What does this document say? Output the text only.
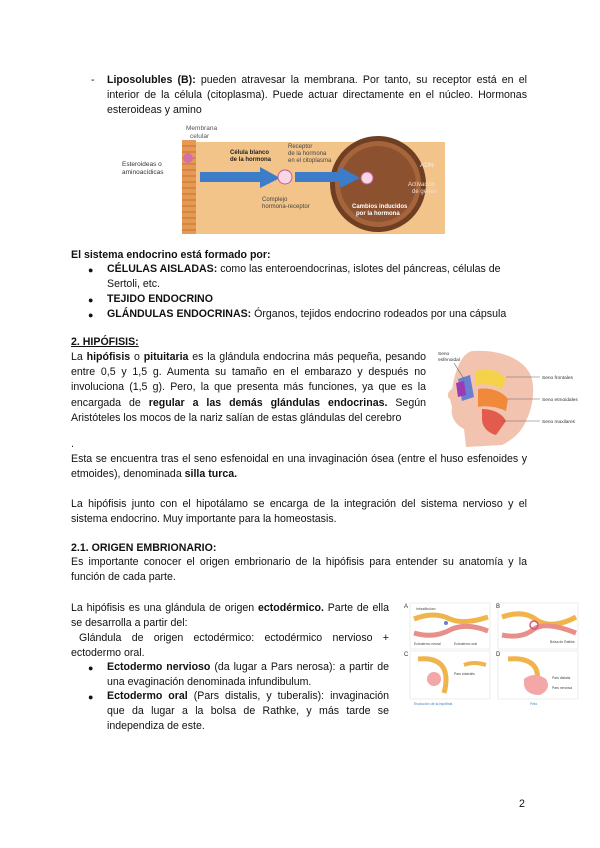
- Liposolubles (B): pueden atravesar la membrana. Por tanto, su receptor está en el interior de la célula (citoplasma). Puede actuar directamente en el núcleo. Hormonas esteroideas y amino
Membrana
celular
Esteroideas o
aminoacídicas
Célula blanco
de la hormona
Receptor
de la hormona
en el citoplasma
Complejo
hormona-receptor
ADN
Activación
de genes
Cambios inducidos
por la hormona
El sistema endocrino está formado por:
● CÉLULAS AISLADAS: como las enteroendocrinas, islotes del páncreas, células de
Sertoli, etc.
● TEJIDO ENDOCRINO
● GLÁNDULAS ENDOCRINAS: Órganos, tejidos endocrino rodeados por una cápsula
2. HIPÓFISIS:
La hipófisis o pituitaria es la glándula endocrina más pequeña, pesando entre 0,5 y 1,5 g. Aumenta su tamaño en el embarazo y después no involuciona (1,5 g). Pero, la que presenta más funciones, ya que es la encargada de regular a las demás glándulas endocrinas. Según Aristóteles los mocos de la nariz salían de estas glándulas del cerebro
.
Seno frontales
Seno etmoidales
Seno maxilares
Seno
esfenoidal
Esta se encuentra tras el seno esfenoidal en una invaginación ósea (entre el huso esfenoides y etmoides), denominada silla turca.
La hipófisis junto con el hipotálamo se encarga de la integración del sistema nervioso y el sistema endocrino. Muy importante para la homeostasis.
2.1. ORIGEN EMBRIONARIO:
Es importante conocer el origen embrionario de la hipófisis para entender su anatomía y la función de cada parte.
La hipófisis es una glándula de origen ectodérmico. Parte de ella se desarrolla a partir del:
Glándula de origen ectodérmico: ectodérmico nervioso + ectodermo oral.
● Ectodermo nervioso (da lugar a Pars nerosa): a partir de una evaginación denominada infundibulum.
● Ectodermo oral (Pars distalis, y tuberalis): invaginación que da lugar a la bolsa de Rathke, y más tarde se independiza de este.
A Infundibulum
Ectodermo neural	Ectodermo oral
B
Bolsa de Rathke
C
Pars tuberalis
D
Pars distalis
Pars nervosa
Evolución de la hipófisis	Feto
2
